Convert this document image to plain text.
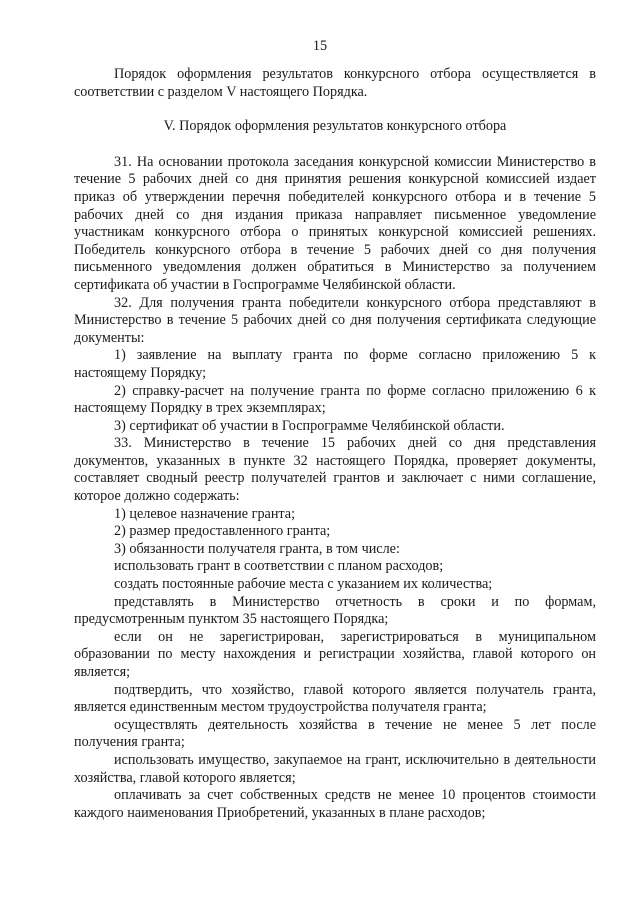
15

Порядок оформления результатов конкурсного отбора осуществляется в соответствии с разделом V настоящего Порядка.

V. Порядок оформления результатов конкурсного отбора

31. На основании протокола заседания конкурсной комиссии Министерство в течение 5 рабочих дней со дня принятия решения конкурсной комиссией издает приказ об утверждении перечня победителей конкурсного отбора и в течение 5 рабочих дней со дня издания приказа направляет письменное уведомление участникам конкурсного отбора о принятых конкурсной комиссией решениях. Победитель конкурсного отбора в течение 5 рабочих дней со дня получения письменного уведомления должен обратиться в Министерство за получением сертификата об участии в Госпрограмме Челябинской области.

32. Для получения гранта победители конкурсного отбора представляют в Министерство в течение 5 рабочих дней со дня получения сертификата следующие документы:

1) заявление на выплату гранта по форме согласно приложению 5 к настоящему Порядку;

2) справку-расчет на получение гранта по форме согласно приложению 6 к настоящему Порядку в трех экземплярах;

3) сертификат об участии в Госпрограмме Челябинской области.

33. Министерство в течение 15 рабочих дней со дня представления документов, указанных в пункте 32 настоящего Порядка, проверяет документы, составляет сводный реестр получателей грантов и заключает с ними соглашение, которое должно содержать:

1) целевое назначение гранта;

2) размер предоставленного гранта;

3) обязанности получателя гранта, в том числе:

использовать грант в соответствии с планом расходов;

создать постоянные рабочие места с указанием их количества;

представлять в Министерство отчетность в сроки и по формам, предусмотренным пунктом 35 настоящего Порядка;

если он не зарегистрирован, зарегистрироваться в муниципальном образовании по месту нахождения и регистрации хозяйства, главой которого он является;

подтвердить, что хозяйство, главой которого является получатель гранта, является единственным местом трудоустройства получателя гранта;

осуществлять деятельность хозяйства в течение не менее 5 лет после получения гранта;

использовать имущество, закупаемое на грант, исключительно в деятельности хозяйства, главой которого является;

оплачивать за счет собственных средств не менее 10 процентов стоимости каждого наименования Приобретений, указанных в плане расходов;
